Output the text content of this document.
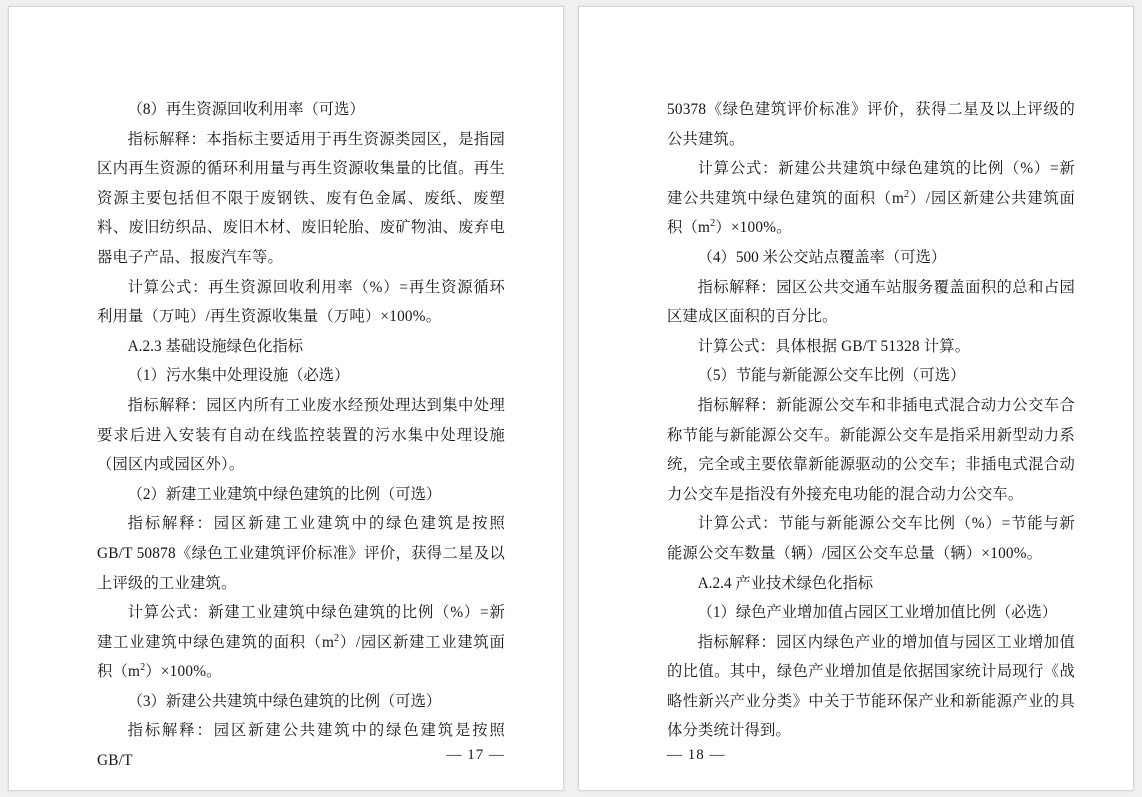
（8）再生资源回收利用率（可选）

指标解释：本指标主要适用于再生资源类园区，是指园区内再生资源的循环利用量与再生资源收集量的比值。再生资源主要包括但不限于废钢铁、废有色金属、废纸、废塑料、废旧纺织品、废旧木材、废旧轮胎、废矿物油、废弃电器电子产品、报废汽车等。

计算公式：再生资源回收利用率（%）=再生资源循环利用量（万吨）/再生资源收集量（万吨）×100%。

A.2.3 基础设施绿色化指标

（1）污水集中处理设施（必选）

指标解释：园区内所有工业废水经预处理达到集中处理要求后进入安装有自动在线监控装置的污水集中处理设施（园区内或园区外）。

（2）新建工业建筑中绿色建筑的比例（可选）

指标解释：园区新建工业建筑中的绿色建筑是按照 GB/T 50878《绿色工业建筑评价标准》评价，获得二星及以上评级的工业建筑。

计算公式：新建工业建筑中绿色建筑的比例（%）=新建工业建筑中绿色建筑的面积$(m^2)/$园区新建工业建筑面积$(m^2)\times 100\%$。

（3）新建公共建筑中绿色建筑的比例（可选）

指标解释：园区新建公共建筑中的绿色建筑是按照 GB/T	— 17 —

50378《绿色建筑评价标准》评价，获得二星及以上评级的公共建筑。

计算公式：新建公共建筑中绿色建筑的比例（%）=新建公共建筑中绿色建筑的面积$(m^2)/$园区新建公共建筑面积$(m^2)\times 100\%$。

（4）500 米公交站点覆盖率（可选）

指标解释：园区公共交通车站服务覆盖面积的总和占园区建成区面积的百分比。

计算公式：具体根据 GB/T 51328 计算。

（5）节能与新能源公交车比例（可选）

指标解释：新能源公交车和非插电式混合动力公交车合称节能与新能源公交车。新能源公交车是指采用新型动力系统，完全或主要依靠新能源驱动的公交车；非插电式混合动力公交车是指没有外接充电功能的混合动力公交车。

计算公式：节能与新能源公交车比例（%）=节能与新能源公交车数量（辆）/园区公交车总量（辆）×100%。

A.2.4 产业技术绿色化指标

（1）绿色产业增加值占园区工业增加值比例（必选）

指标解释：园区内绿色产业的增加值与园区工业增加值的比值。其中，绿色产业增加值是依据国家统计局现行《战略性新兴产业分类》中关于节能环保产业和新能源产业的具体分类统计得到。

— 18 —
